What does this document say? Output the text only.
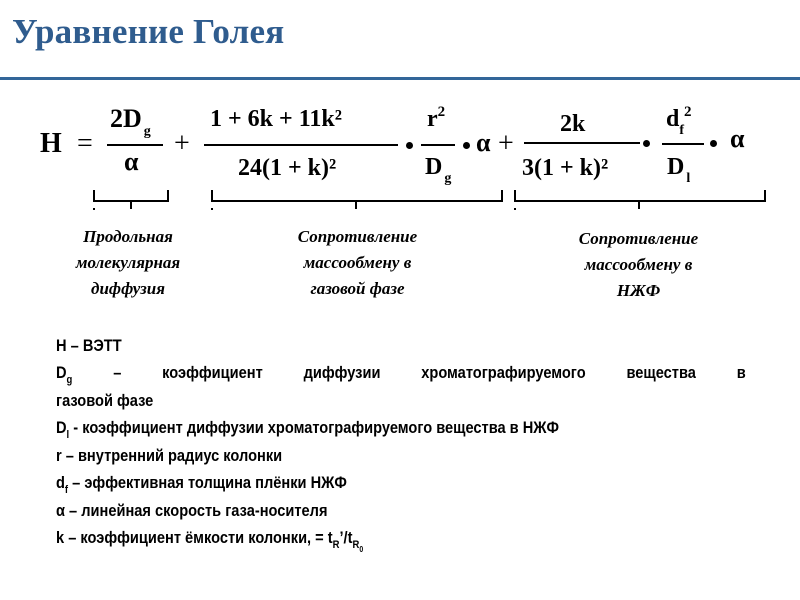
Уравнение Голея
H =
2D $_g$
α
+
1 + 6k + 11k²
24(1 + k)²
$r^2$
D $_g$
α +
2k
3(1 + k)²
$d_f^2$
D $_l$
α
Продольная
молекулярная
диффузия
Сопротивление
массообмену в
газовой фазе
Сопротивление
массообмену в
НЖФ
H – ВЭТТ
$D_g$ – коэффициент диффузии хроматографируемого вещества в
газовой фазе
$D_l$ - коэффициент диффузии хроматографируемого вещества в НЖФ
r – внутренний радиус колонки
$d_f$ – эффективная толщина плёнки НЖФ
α – линейная скорость газа-носителя
k – коэффициент ёмкости колонки, = $t_R’/t_{R0}$
